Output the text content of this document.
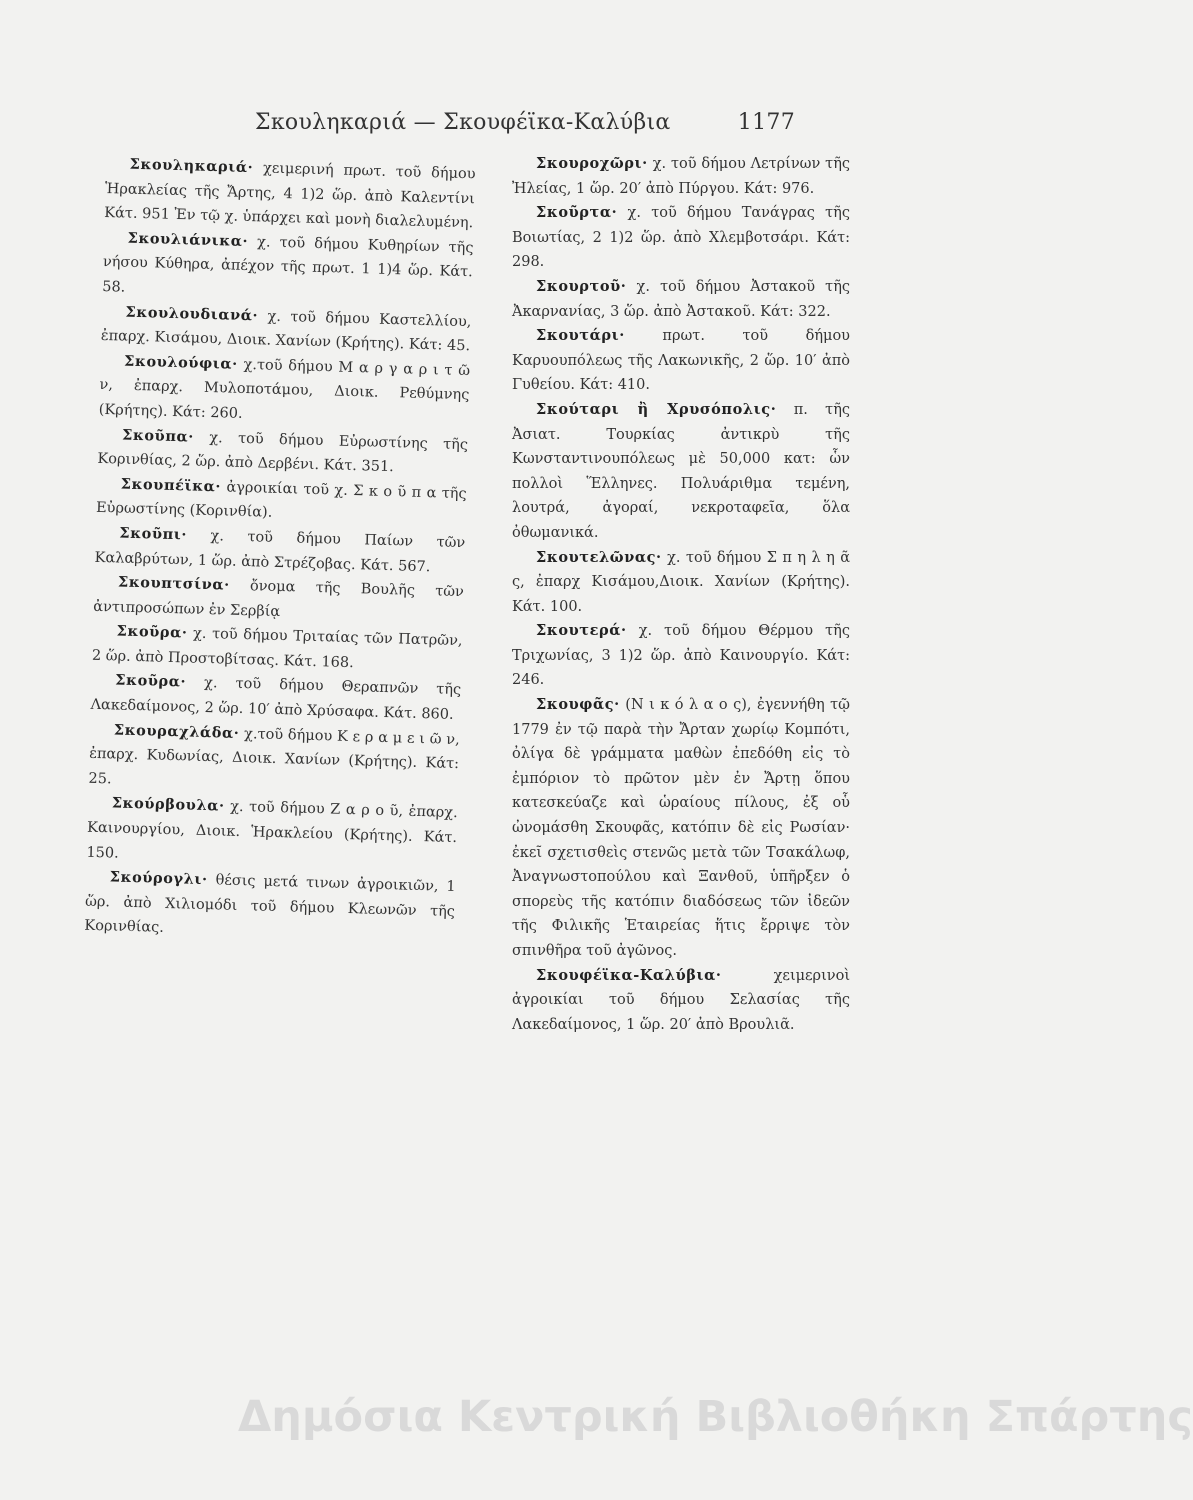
Σκουληκαριά — Σκουφέϊκα-Καλύβια	1177

Σκουληκαριά· χειμερινή πρωτ. τοῦ δήμου Ἡρακλείας τῆς Ἄρτης, 4 1)2 ὥρ. ἀπὸ Καλεντίνι Κάτ. 951 Ἐν τῷ χ. ὑπάρχει καὶ μονὴ διαλελυμένη.

Σκουλιάνικα· χ. τοῦ δήμου Κυθηρίων τῆς νήσου Κύθηρα, ἀπέχον τῆς πρωτ. 1 1)4 ὥρ. Κάτ. 58.

Σκουλουδιανά· χ. τοῦ δήμου Καστελλίου, ἐπαρχ. Κισάμου, Διοικ. Χανίων (Κρήτης). Κάτ: 45.

Σκουλούφια· χ.τοῦ δήμου Μ α ρ γ α ρ ι τ ῶ ν, ἐπαρχ. Μυλοποτάμου, Διοικ. Ρεθύμνης (Κρήτης). Κάτ: 260.

Σκοῦπα· χ. τοῦ δήμου Εὐρωστίνης τῆς Κορινθίας, 2 ὥρ. ἀπὸ Δερβένι. Κάτ. 351.

Σκουπέϊκα· ἀγροικίαι τοῦ χ. Σ κ ο ῦ π α τῆς Εὐρωστίνης (Κορινθία).

Σκοῦπι· χ. τοῦ δήμου Παίων τῶν Καλαβρύτων, 1 ὥρ. ἀπὸ Στρέζοβας. Κάτ. 567.

Σκουπτσίνα· ὄνομα τῆς Βουλῆς τῶν ἀντιπροσώπων ἐν Σερβίᾳ

Σκοῦρα· χ. τοῦ δήμου Τριταίας τῶν Πατρῶν, 2 ὥρ. ἀπὸ Προστοβίτσας. Κάτ. 168.

Σκοῦρα· χ. τοῦ δήμου Θεραπνῶν τῆς Λακεδαίμονος, 2 ὥρ. 10′ ἀπὸ Χρύσαφα. Κάτ. 860.

Σκουραχλάδα· χ.τοῦ δήμου Κ ε ρ α μ ε ι ῶ ν, ἐπαρχ. Κυδωνίας, Διοικ. Χανίων (Κρήτης). Κάτ: 25.

Σκούρβουλα· χ. τοῦ δήμου Ζ α ρ ο ῦ, ἐπαρχ. Καινουργίου, Διοικ. Ἡρακλείου (Κρήτης). Κάτ. 150.

Σκούρογλι· θέσις μετά τινων ἀγροικιῶν, 1 ὥρ. ἀπὸ Χιλιομόδι τοῦ δήμου Κλεωνῶν τῆς Κορινθίας.

Σκουροχῶρι· χ. τοῦ δήμου Λετρίνων τῆς Ἠλείας, 1 ὥρ. 20′ ἀπὸ Πύργου. Κάτ: 976.

Σκοῦρτα· χ. τοῦ δήμου Τανάγρας τῆς Βοιωτίας, 2 1)2 ὥρ. ἀπὸ Χλεμβοτσάρι. Κάτ: 298.

Σκουρτοῦ· χ. τοῦ δήμου Ἀστακοῦ τῆς Ἀκαρνανίας, 3 ὥρ. ἀπὸ Ἀστακοῦ. Κάτ: 322.

Σκουτάρι· πρωτ. τοῦ δήμου Καρυουπόλεως τῆς Λακωνικῆς, 2 ὥρ. 10′ ἀπὸ Γυθείου. Κάτ: 410.

Σκούταρι ἢ Χρυσόπολις· π. τῆς Ἀσιατ. Τουρκίας ἀντικρὺ τῆς Κωνσταντινουπόλεως μὲ 50,000 κατ: ὧν πολλοὶ Ἕλληνες. Πολυάριθμα τεμένη, λουτρά, ἀγοραί, νεκροταφεῖα, ὅλα ὀθωμανικά.

Σκουτελῶνας· χ. τοῦ δήμου Σ π η λ η ᾶ ς, ἐπαρχ Κισάμου,Διοικ. Χανίων (Κρήτης). Κάτ. 100.

Σκουτερά· χ. τοῦ δήμου Θέρμου τῆς Τριχωνίας, 3 1)2 ὥρ. ἀπὸ Καινουργίο. Κάτ: 246.

Σκουφᾶς· (Ν ι κ ό λ α ο ς), ἐγεννήθη τῷ 1779 ἐν τῷ παρὰ τὴν Ἄρταν χωρίῳ Κομπότι, ὀλίγα δὲ γράμματα μαθὼν ἐπεδόθη εἰς τὸ ἐμπόριον τὸ πρῶτον μὲν ἐν Ἄρτῃ ὅπου κατεσκεύαζε καὶ ὡραίους πίλους, ἐξ οὗ ὠνομάσθη Σκουφᾶς, κατόπιν δὲ εἰς Ρωσίαν· ἐκεῖ σχετισθεὶς στενῶς μετὰ τῶν Τσακάλωφ, Ἀναγνωστοπούλου καὶ Ξανθοῦ, ὑπῆρξεν ὁ σπορεὺς τῆς κατόπιν διαδόσεως τῶν ἰδεῶν τῆς Φιλικῆς Ἑταιρείας ἥτις ἔρριψε τὸν σπινθῆρα τοῦ ἀγῶνος.

Σκουφέϊκα-Καλύβια· χειμερινοὶ ἀγροικίαι τοῦ δήμου Σελασίας τῆς Λακεδαίμονος, 1 ὥρ. 20′ ἀπὸ Βρουλιᾶ.

Δημόσια Κεντρική Βιβλιοθήκη Σπάρτης
